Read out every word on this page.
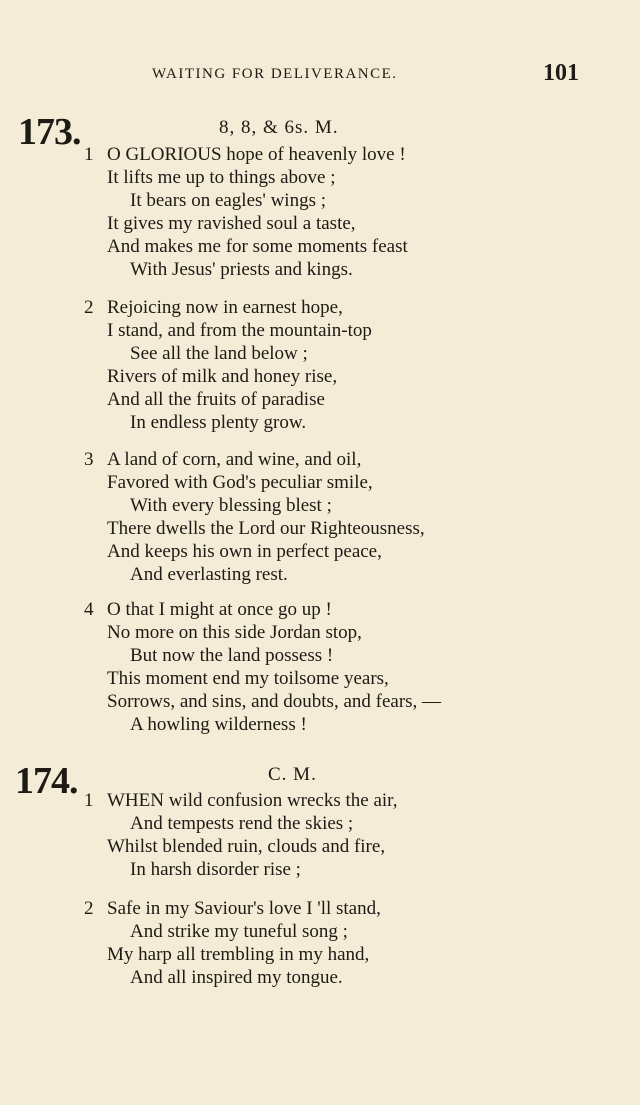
WAITING FOR DELIVERANCE.	101
173.	8, 8, & 6s. M.
1 O GLORIOUS hope of heavenly love !
It lifts me up to things above ;
It bears on eagles' wings ;
It gives my ravished soul a taste,
And makes me for some moments feast
With Jesus' priests and kings.
2 Rejoicing now in earnest hope,
I stand, and from the mountain-top
See all the land below ;
Rivers of milk and honey rise,
And all the fruits of paradise
In endless plenty grow.
3 A land of corn, and wine, and oil,
Favored with God's peculiar smile,
With every blessing blest ;
There dwells the Lord our Righteousness,
And keeps his own in perfect peace,
And everlasting rest.
4 O that I might at once go up !
No more on this side Jordan stop,
But now the land possess !
This moment end my toilsome years,
Sorrows, and sins, and doubts, and fears, —
A howling wilderness !
174.	C. M.
1 WHEN wild confusion wrecks the air,
And tempests rend the skies ;
Whilst blended ruin, clouds and fire,
In harsh disorder rise ;
2 Safe in my Saviour's love I 'll stand,
And strike my tuneful song ;
My harp all trembling in my hand,
And all inspired my tongue.
